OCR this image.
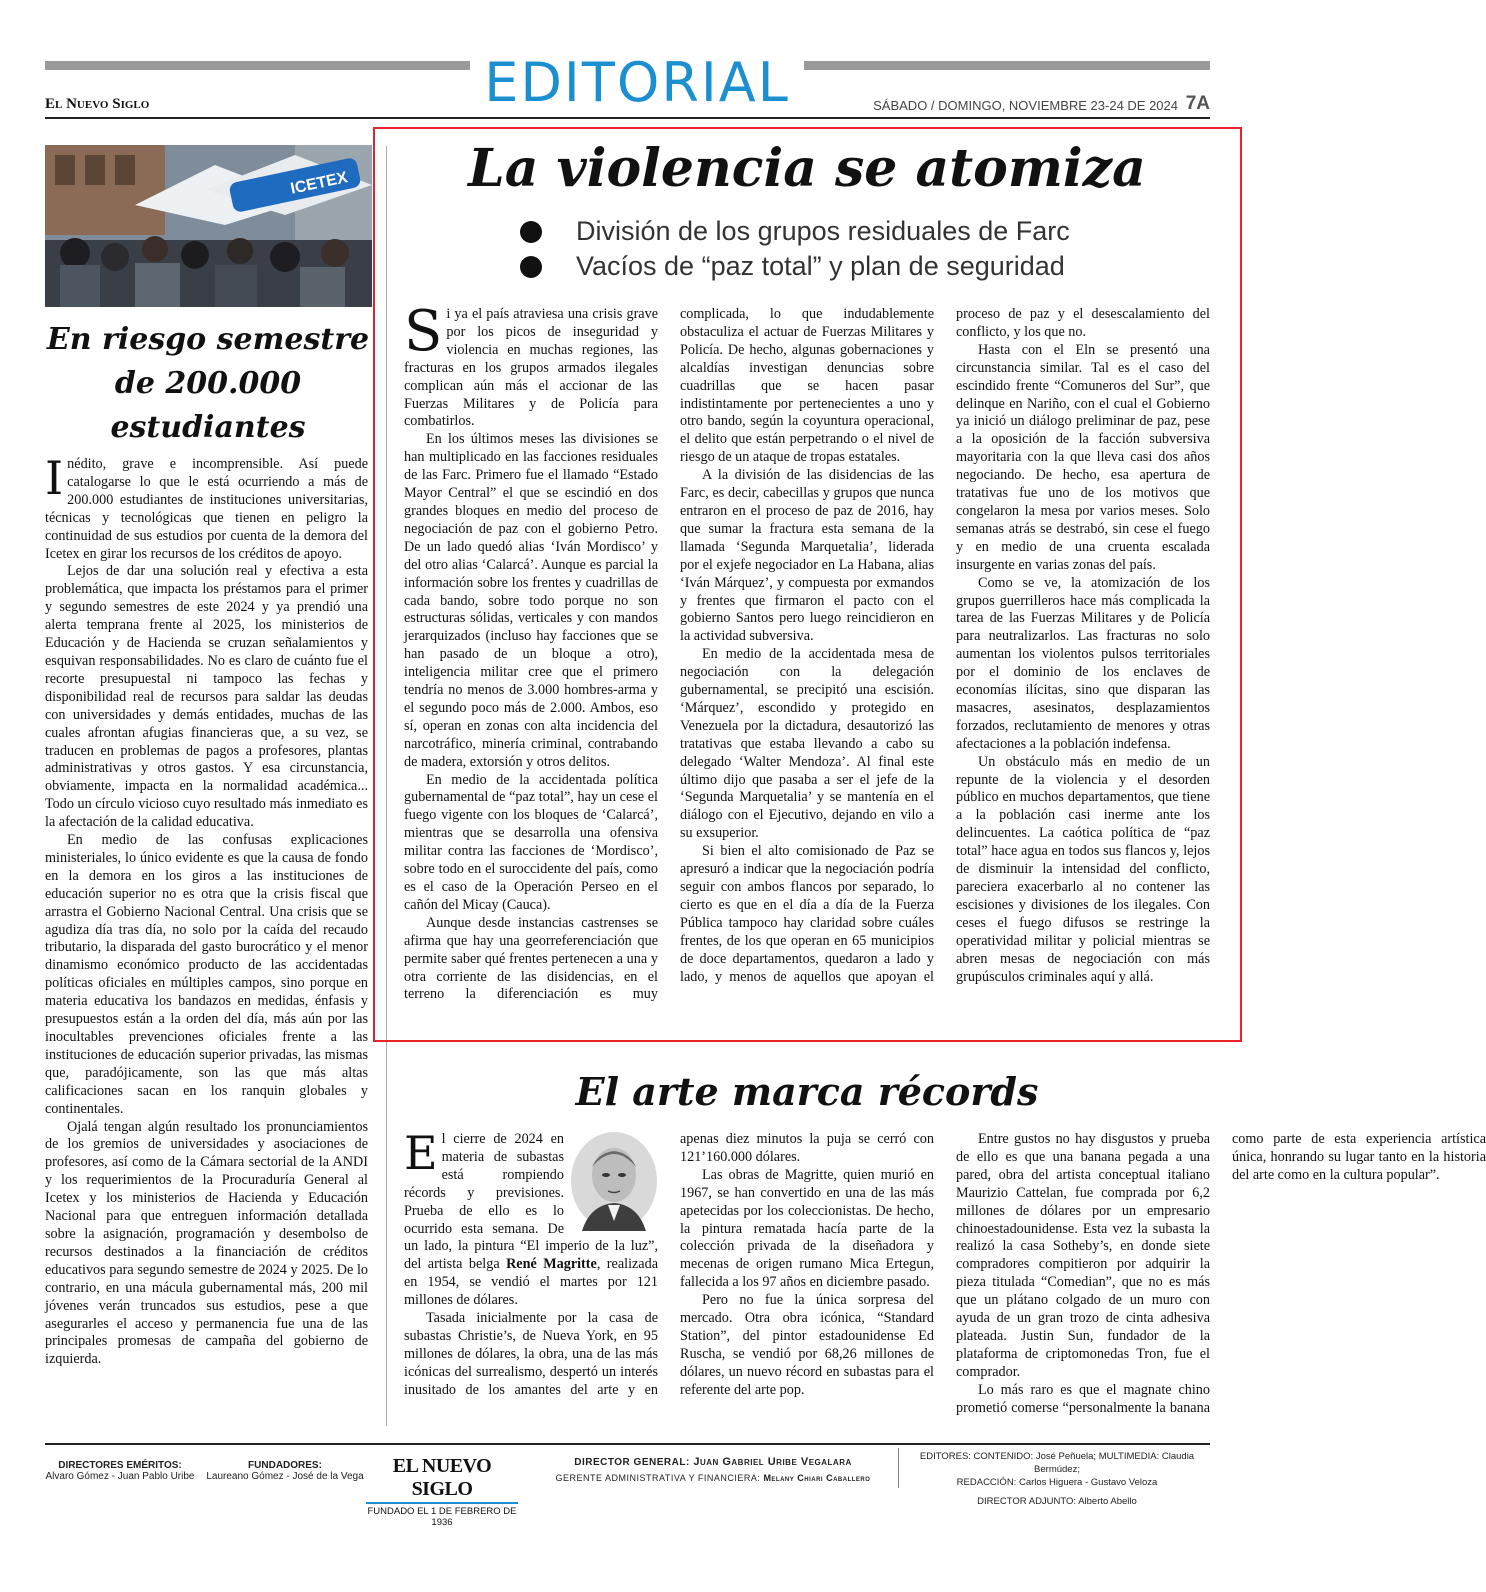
EDITORIAL
El Nuevo Siglo	SÁBADO / DOMINGO, NOVIEMBRE 23-24 DE 2024 7A
ICETEX
VIDA
En riesgo semestre
de 200.000
estudiantes

Inédito, grave e incomprensible. Así puede catalogarse lo que le está ocurriendo a más de 200.000 estudiantes de instituciones universitarias, técnicas y tecnológicas que tienen en peligro la continuidad de sus estudios por cuenta de la demora del Icetex en girar los recursos de los créditos de apoyo.

Lejos de dar una solución real y efectiva a esta problemática, que impacta los préstamos para el primer y segundo semestres de este 2024 y ya prendió una alerta temprana frente al 2025, los ministerios de Educación y de Hacienda se cruzan señalamientos y esquivan responsabilidades. No es claro de cuánto fue el recorte presupuestal ni tampoco las fechas y disponibilidad real de recursos para saldar las deudas con universidades y demás entidades, muchas de las cuales afrontan afugias financieras que, a su vez, se traducen en problemas de pagos a profesores, plantas administrativas y otros gastos. Y esa circunstancia, obviamente, impacta en la normalidad académica... Todo un círculo vicioso cuyo resultado más inmediato es la afectación de la calidad educativa.

En medio de las confusas explicaciones ministeriales, lo único evidente es que la causa de fondo en la demora en los giros a las instituciones de educación superior no es otra que la crisis fiscal que arrastra el Gobierno Nacional Central. Una crisis que se agudiza día tras día, no solo por la caída del recaudo tributario, la disparada del gasto burocrático y el menor dinamismo económico producto de las accidentadas políticas oficiales en múltiples campos, sino porque en materia educativa los bandazos en medidas, énfasis y presupuestos están a la orden del día, más aún por las inocultables prevenciones oficiales frente a las instituciones de educación superior privadas, las mismas que, paradójicamente, son las que más altas calificaciones sacan en los ranquin globales y continentales.

Ojalá tengan algún resultado los pronunciamientos de los gremios de universidades y asociaciones de profesores, así como de la Cámara sectorial de la ANDI y los requerimientos de la Procuraduría General al Icetex y los ministerios de Hacienda y Educación Nacional para que entreguen información detallada sobre la asignación, programación y desembolso de recursos destinados a la financiación de créditos educativos para segundo semestre de 2024 y 2025. De lo contrario, en una mácula gubernamental más, 200 mil jóvenes verán truncados sus estudios, pese a que asegurarles el acceso y permanencia fue una de las principales promesas de campaña del gobierno de izquierda.

La violencia se atomiza
División de los grupos residuales de Farc
Vacíos de “paz total” y plan de seguridad

Si ya el país atraviesa una crisis grave por los picos de inseguridad y violencia en muchas regiones, las fracturas en los grupos armados ilegales complican aún más el accionar de las Fuerzas Militares y de Policía para combatirlos.

En los últimos meses las divisiones se han multiplicado en las facciones residuales de las Farc. Primero fue el llamado “Estado Mayor Central” el que se escindió en dos grandes bloques en medio del proceso de negociación de paz con el gobierno Petro. De un lado quedó alias ‘Iván Mordisco’ y del otro alias ‘Calarcá’. Aunque es parcial la información sobre los frentes y cuadrillas de cada bando, sobre todo porque no son estructuras sólidas, verticales y con mandos jerarquizados (incluso hay facciones que se han pasado de un bloque a otro), inteligencia militar cree que el primero tendría no menos de 3.000 hombres-arma y el segundo poco más de 2.000. Ambos, eso sí, operan en zonas con alta incidencia del narcotráfico, minería criminal, contrabando de madera, extorsión y otros delitos.

En medio de la accidentada política gubernamental de “paz total”, hay un cese el fuego vigente con los bloques de ‘Calarcá’, mientras que se desarrolla una ofensiva militar contra las facciones de ‘Mordisco’, sobre todo en el suroccidente del país, como es el caso de la Operación Perseo en el cañón del Micay (Cauca).

Aunque desde instancias castrenses se afirma que hay una georreferenciación que permite saber qué frentes pertenecen a una y otra corriente de las disidencias, en el terreno la diferenciación es muy complicada, lo que indudablemente obstaculiza el actuar de Fuerzas Militares y Policía. De hecho, algunas gobernaciones y alcaldías investigan denuncias sobre cuadrillas que se hacen pasar indistintamente por pertenecientes a uno y otro bando, según la coyuntura operacional, el delito que están perpetrando o el nivel de riesgo de un ataque de tropas estatales.

A la división de las disidencias de las Farc, es decir, cabecillas y grupos que nunca entraron en el proceso de paz de 2016, hay que sumar la fractura esta semana de la llamada ‘Segunda Marquetalia’, liderada por el exjefe negociador en La Habana, alias ‘Iván Márquez’, y compuesta por exmandos y frentes que firmaron el pacto con el gobierno Santos pero luego reincidieron en la actividad subversiva.

En medio de la accidentada mesa de negociación con la delegación gubernamental, se precipitó una escisión. ‘Márquez’, escondido y protegido en Venezuela por la dictadura, desautorizó las tratativas que estaba llevando a cabo su delegado ‘Walter Mendoza’. Al final este último dijo que pasaba a ser el jefe de la ‘Segunda Marquetalia’ y se mantenía en el diálogo con el Ejecutivo, dejando en vilo a su exsuperior.

Si bien el alto comisionado de Paz se apresuró a indicar que la negociación podría seguir con ambos flancos por separado, lo cierto es que en el día a día de la Fuerza Pública tampoco hay claridad sobre cuáles frentes, de los que operan en 65 municipios de doce departamentos, quedaron a lado y lado, y menos de aquellos que apoyan el proceso de paz y el desescalamiento del conflicto, y los que no.

Hasta con el Eln se presentó una circunstancia similar. Tal es el caso del escindido frente “Comuneros del Sur”, que delinque en Nariño, con el cual el Gobierno ya inició un diálogo preliminar de paz, pese a la oposición de la facción subversiva mayoritaria con la que lleva casi dos años negociando. De hecho, esa apertura de tratativas fue uno de los motivos que congelaron la mesa por varios meses. Solo semanas atrás se destrabó, sin cese el fuego y en medio de una cruenta escalada insurgente en varias zonas del país.

Como se ve, la atomización de los grupos guerrilleros hace más complicada la tarea de las Fuerzas Militares y de Policía para neutralizarlos. Las fracturas no solo aumentan los violentos pulsos territoriales por el dominio de los enclaves de economías ilícitas, sino que disparan las masacres, asesinatos, desplazamientos forzados, reclutamiento de menores y otras afectaciones a la población indefensa.

Un obstáculo más en medio de un repunte de la violencia y el desorden público en muchos departamentos, que tiene a la población casi inerme ante los delincuentes. La caótica política de “paz total” hace agua en todos sus flancos y, lejos de disminuir la intensidad del conflicto, pareciera exacerbarlo al no contener las escisiones y divisiones de los ilegales. Con ceses el fuego difusos se restringe la operatividad militar y policial mientras se abren mesas de negociación con más grupúsculos criminales aquí y allá.

El arte marca récords

El cierre de 2024 en materia de subastas está rompiendo récords y previsiones. Prueba de ello es lo ocurrido esta semana. De un lado, la pintura “El imperio de la luz”, del artista belga René Magritte, realizada en 1954, se vendió el martes por 121 millones de dólares.

Tasada inicialmente por la casa de subastas Christie’s, de Nueva York, en 95 millones de dólares, la obra, una de las más icónicas del surrealismo, despertó un interés inusitado de los amantes del arte y en apenas diez minutos la puja se cerró con 121’160.000 dólares.

Las obras de Magritte, quien murió en 1967, se han convertido en una de las más apetecidas por los coleccionistas. De hecho, la pintura rematada hacía parte de la colección privada de la diseñadora y mecenas de origen rumano Mica Ertegun, fallecida a los 97 años en diciembre pasado.

Pero no fue la única sorpresa del mercado. Otra obra icónica, “Standard Station”, del pintor estadounidense Ed Ruscha, se vendió por 68,26 millones de dólares, un nuevo récord en subastas para el referente del arte pop.

Entre gustos no hay disgustos y prueba de ello es que una banana pegada a una pared, obra del artista conceptual italiano Maurizio Cattelan, fue comprada por 6,2 millones de dólares por un empresario chinoestadounidense. Esta vez la subasta la realizó la casa Sotheby’s, en donde siete compradores compitieron por adquirir la pieza titulada “Comedian”, que no es más que un plátano colgado de un muro con ayuda de un gran trozo de cinta adhesiva plateada. Justin Sun, fundador de la plataforma de criptomonedas Tron, fue el comprador.

Lo más raro es que el magnate chino prometió comerse “personalmente la banana como parte de esta experiencia artística única, honrando su lugar tanto en la historia del arte como en la cultura popular”.

DIRECTORES EMÉRITOS:
Alvaro Gómez - Juan Pablo Uribe
FUNDADORES:
Laureano Gómez - José de la Vega	EL NUEVO SIGLO
FUNDADO EL 1 DE FEBRERO DE 1936
DIRECTOR GENERAL: Juan Gabriel Uribe Vegalara
GERENTE ADMINISTRATIVA Y FINANCIERA: Melany Chiari Caballero
EDITORES: CONTENIDO: José Peñuela; MULTIMEDIA: Claudia Bermúdez;
REDACCIÓN: Carlos Higuera - Gustavo Veloza
DIRECTOR ADJUNTO: Alberto Abello
